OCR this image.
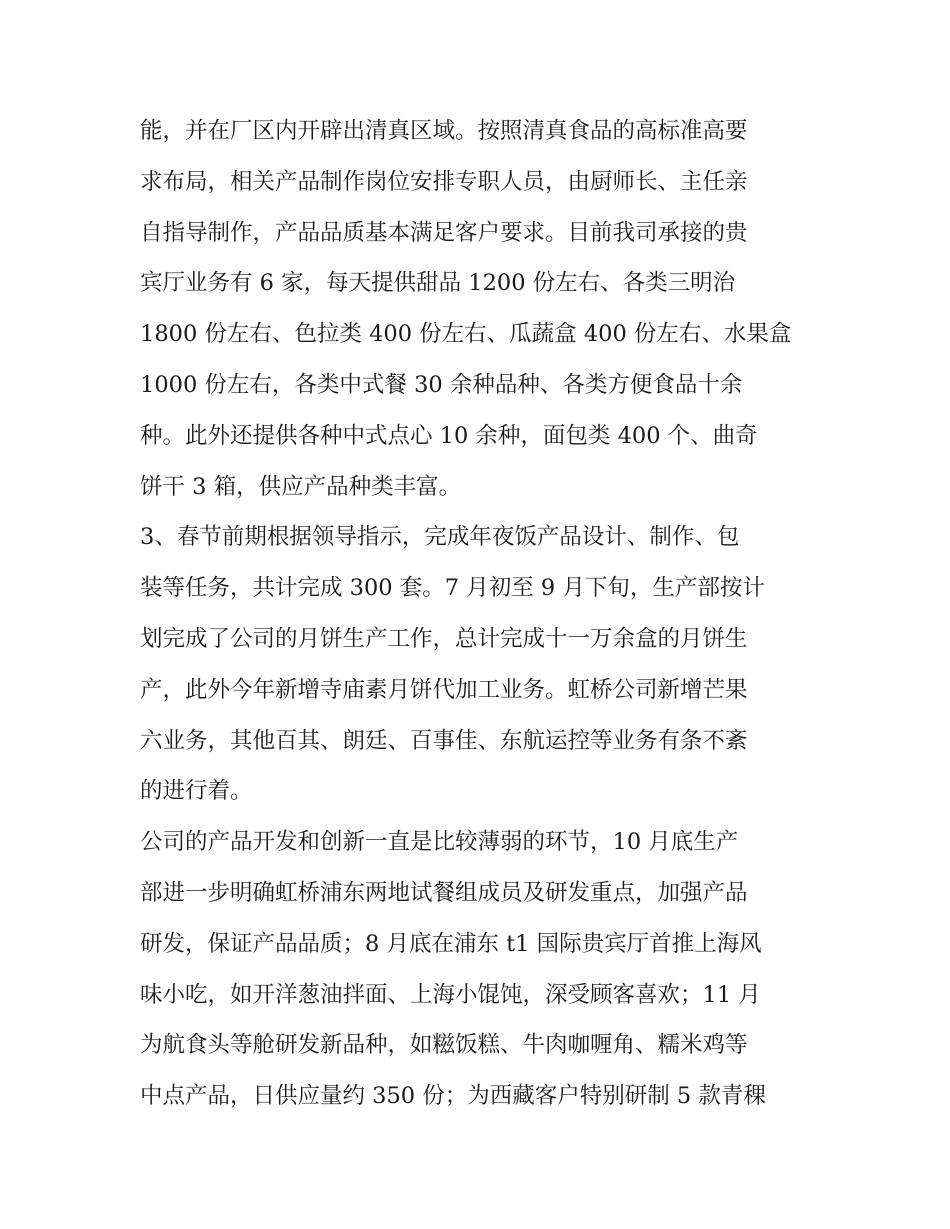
能，并在厂区内开辟出清真区域。按照清真食品的高标准高要
求布局，相关产品制作岗位安排专职人员，由厨师长、主任亲
自指导制作，产品品质基本满足客户要求。目前我司承接的贵
宾厅业务有 6 家，每天提供甜品 1200 份左右、各类三明治
1800 份左右、色拉类 400 份左右、瓜蔬盒 400 份左右、水果盒
1000 份左右，各类中式餐 30 余种品种、各类方便食品十余
种。此外还提供各种中式点心 10 余种，面包类 400 个、曲奇
饼干 3 箱，供应产品种类丰富。
3、春节前期根据领导指示，完成年夜饭产品设计、制作、包
装等任务，共计完成 300 套。7 月初至 9 月下旬，生产部按计
划完成了公司的月饼生产工作，总计完成十一万余盒的月饼生
产，此外今年新增寺庙素月饼代加工业务。虹桥公司新增芒果
六业务，其他百其、朗廷、百事佳、东航运控等业务有条不紊
的进行着。
公司的产品开发和创新一直是比较薄弱的环节，10 月底生产
部进一步明确虹桥浦东两地试餐组成员及研发重点，加强产品
研发，保证产品品质；8 月底在浦东 t1 国际贵宾厅首推上海风
味小吃，如开洋葱油拌面、上海小馄饨，深受顾客喜欢；11 月
为航食头等舱研发新品种，如糍饭糕、牛肉咖喱角、糯米鸡等
中点产品，日供应量约 350 份；为西藏客户特别研制 5 款青稞
